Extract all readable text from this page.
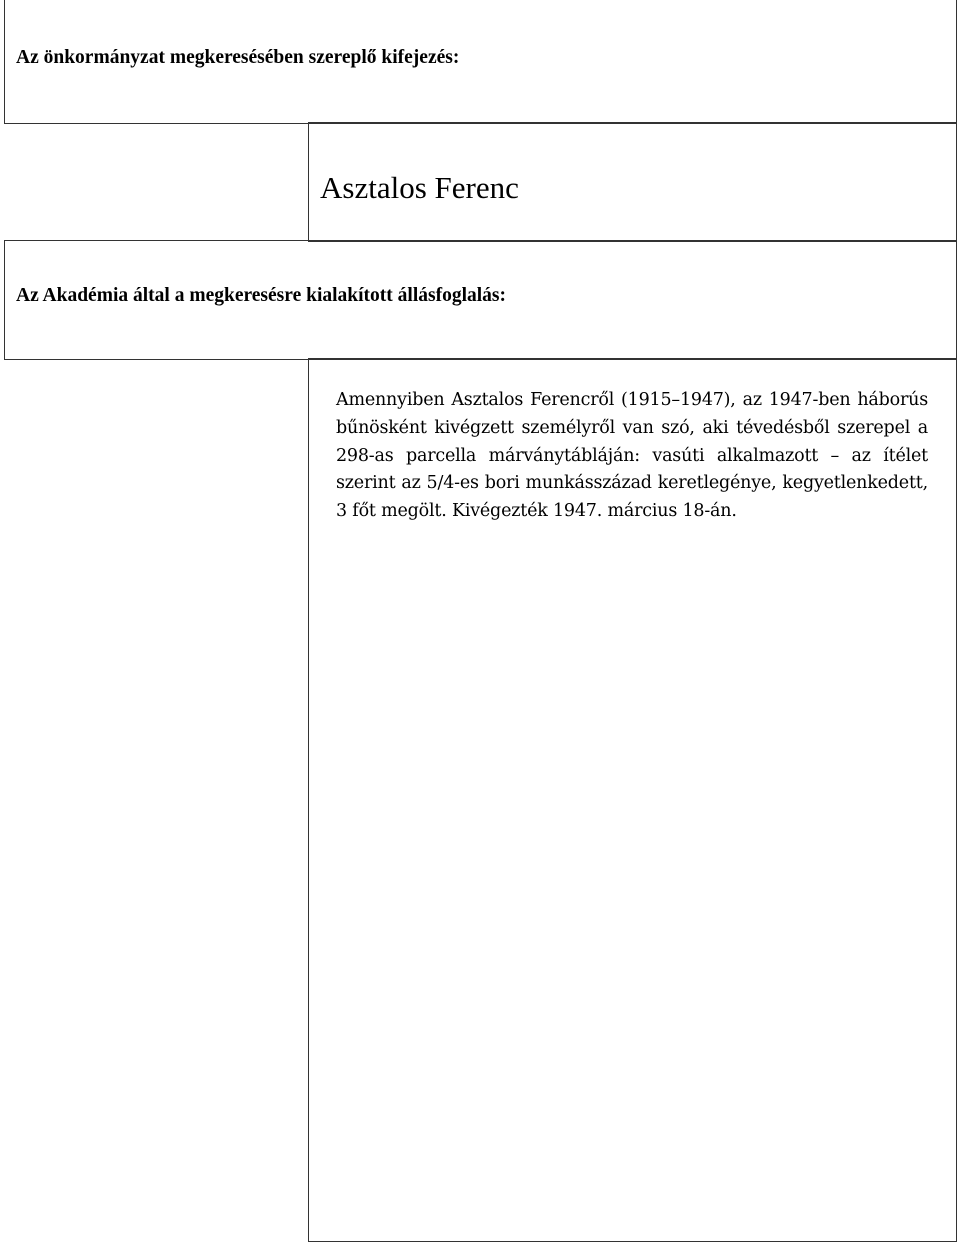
Az önkormányzat megkeresésében szereplő kifejezés:
Asztalos Ferenc
Az Akadémia által a megkeresésre kialakított állásfoglalás:
Amennyiben Asztalos Ferencről (1915–1947), az 1947-ben háborús bűnösként kivégzett személyről van szó, aki tévedésből szerepel a 298-as parcella márványtábláján: vasúti alkalmazott – az ítélet szerint az 5/4-es bori munkásszázad keretlegénye, kegyetlenkedett, 3 főt megölt. Kivégezték 1947. március 18-án.
